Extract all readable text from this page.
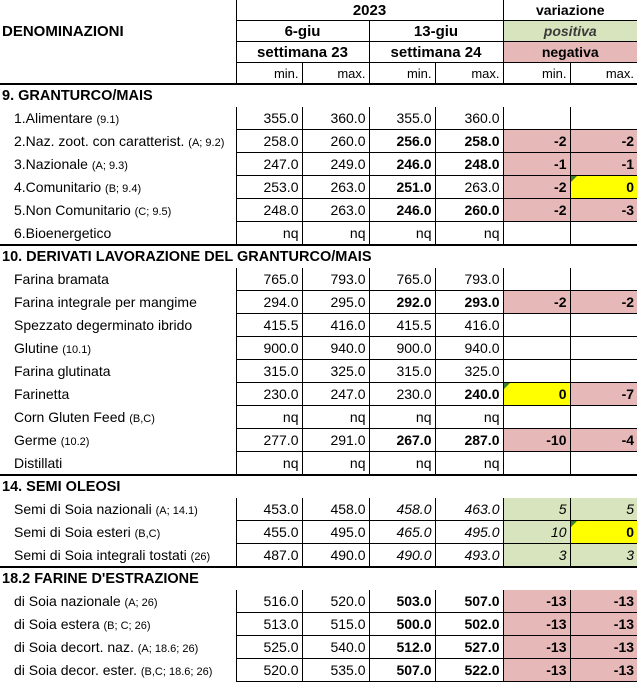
DENOMINAZIONI	2023				variazione	
	6-giu		13-giu		positiva	
	settimana 23		settimana 24		negativa	
	min.	max.	min.	max.	min.	max.
9. GRANTURCO/MAIS						
1.Alimentare (9.1)	355.0	360.0	355.0	360.0		
2.Naz. zoot. con caratterist. (A; 9.2)	258.0	260.0	256.0	258.0	-2	-2
3.Nazionale (A; 9.3)	247.0	249.0	246.0	248.0	-1	-1
4.Comunitario (B; 9.4)	253.0	263.0	251.0	263.0	-2	0
5.Non Comunitario (C; 9.5)	248.0	263.0	246.0	260.0	-2	-3
6.Bioenergetico	nq	nq	nq	nq		
10. DERIVATI LAVORAZIONE DEL GRANTURCO/MAIS						
Farina bramata	765.0	793.0	765.0	793.0		
Farina integrale per mangime	294.0	295.0	292.0	293.0	-2	-2
Spezzato degerminato ibrido	415.5	416.0	415.5	416.0		
Glutine (10.1)	900.0	940.0	900.0	940.0		
Farina glutinata	315.0	325.0	315.0	325.0		
Farinetta	230.0	247.0	230.0	240.0	0	-7
Corn Gluten Feed (B,C)	nq	nq	nq	nq		
Germe (10.2)	277.0	291.0	267.0	287.0	-10	-4
Distillati	nq	nq	nq	nq		
14. SEMI OLEOSI						
Semi di Soia nazionali (A; 14.1)	453.0	458.0	458.0	463.0	5	5
Semi di Soia esteri (B,C)	455.0	495.0	465.0	495.0	10	0
Semi di Soia integrali tostati (26)	487.0	490.0	490.0	493.0	3	3
18.2 FARINE D'ESTRAZIONE						
di Soia nazionale (A; 26)	516.0	520.0	503.0	507.0	-13	-13
di Soia estera (B; C; 26)	513.0	515.0	500.0	502.0	-13	-13
di Soia decort. naz. (A; 18.6; 26)	525.0	540.0	512.0	527.0	-13	-13
di Soia decor. ester. (B,C; 18.6; 26)	520.0	535.0	507.0	522.0	-13	-13
